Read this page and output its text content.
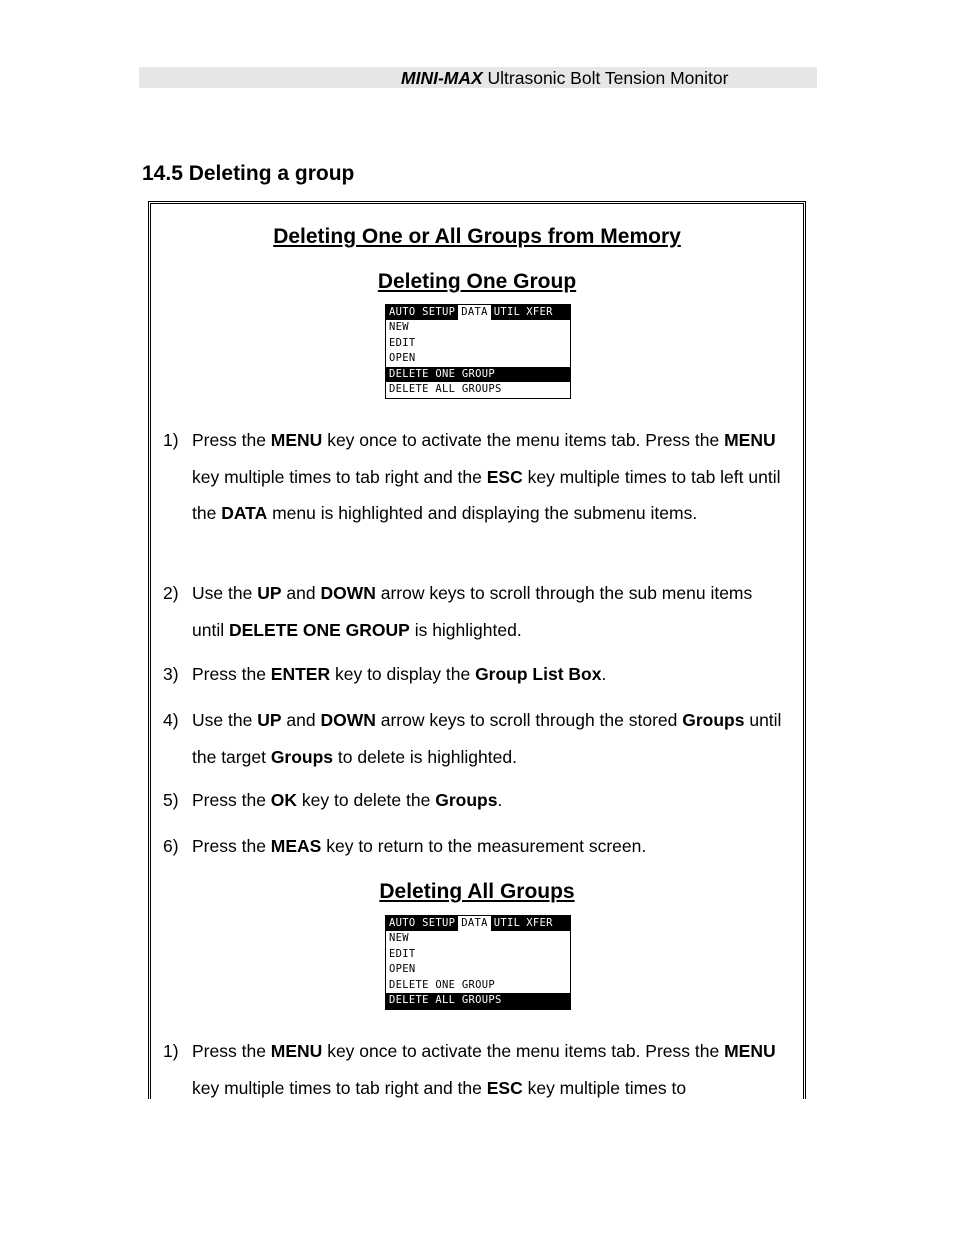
MINI-MAX Ultrasonic Bolt Tension Monitor
14.5 Deleting a group
Deleting One or All Groups from Memory
Deleting One Group
AUTO SETUP DATA UTIL XFER
NEW
EDIT
OPEN
DELETE ONE GROUP
DELETE ALL GROUPS
1) Press the MENU key once to activate the menu items tab. Press the MENU key multiple times to tab right and the ESC key multiple times to tab left until the DATA menu is highlighted and displaying the submenu items.
2) Use the UP and DOWN arrow keys to scroll through the sub menu items until DELETE ONE GROUP is highlighted.
3) Press the ENTER key to display the Group List Box.
4) Use the UP and DOWN arrow keys to scroll through the stored Groups until the target Groups to delete is highlighted.
5) Press the OK key to delete the Groups.
6) Press the MEAS key to return to the measurement screen.
Deleting All Groups
AUTO SETUP DATA UTIL XFER
NEW
EDIT
OPEN
DELETE ONE GROUP
DELETE ALL GROUPS
1) Press the MENU key once to activate the menu items tab. Press the MENU key multiple times to tab right and the ESC key multiple times to
